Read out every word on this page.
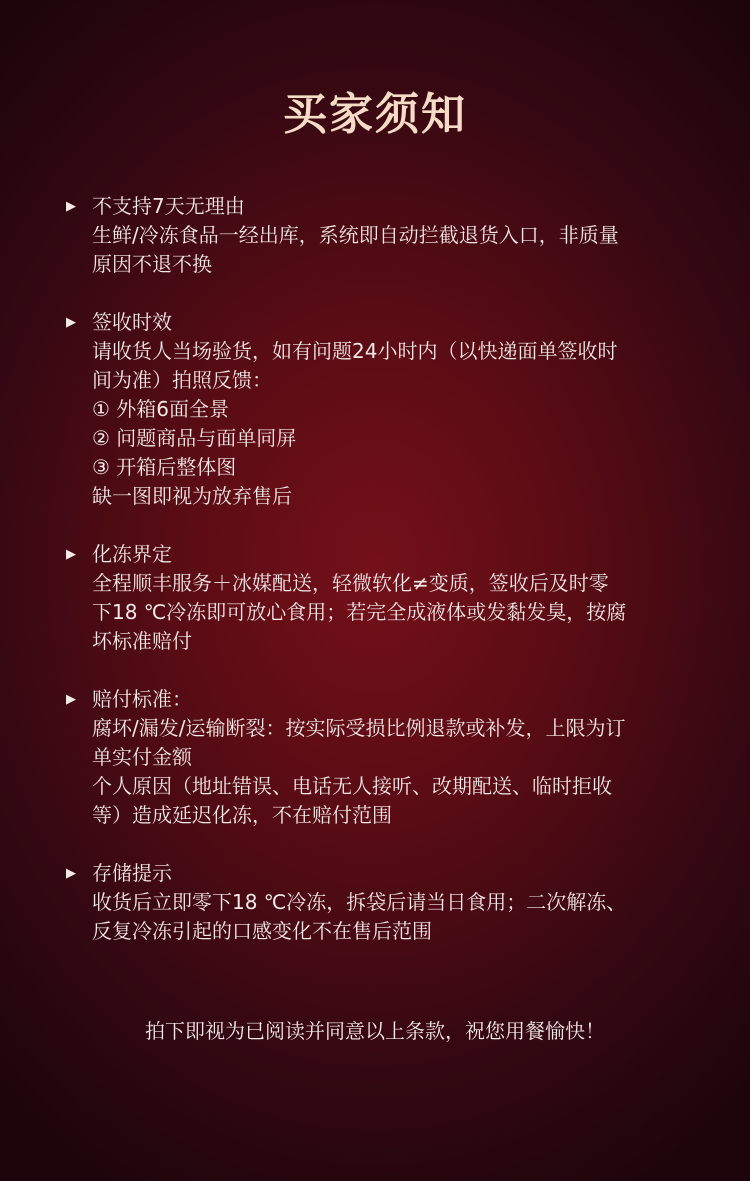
买家须知
▶ 不支持7天无理由
生鲜/冷冻食品一经出库，系统即自动拦截退货入口，非质量
原因不退不换
▶ 签收时效
请收货人当场验货，如有问题24小时内（以快递面单签收时
间为准）拍照反馈：
① 外箱6面全景
② 问题商品与面单同屏
③ 开箱后整体图
缺一图即视为放弃售后
▶ 化冻界定
全程顺丰服务＋冰媒配送，轻微软化≠变质，签收后及时零
下18 ℃冷冻即可放心食用；若完全成液体或发黏发臭，按腐
坏标准赔付
▶ 赔付标准：
腐坏/漏发/运输断裂：按实际受损比例退款或补发，上限为订
单实付金额
个人原因（地址错误、电话无人接听、改期配送、临时拒收
等）造成延迟化冻，不在赔付范围
▶ 存储提示
收货后立即零下18 ℃冷冻，拆袋后请当日食用；二次解冻、
反复冷冻引起的口感变化不在售后范围
拍下即视为已阅读并同意以上条款，祝您用餐愉快！
